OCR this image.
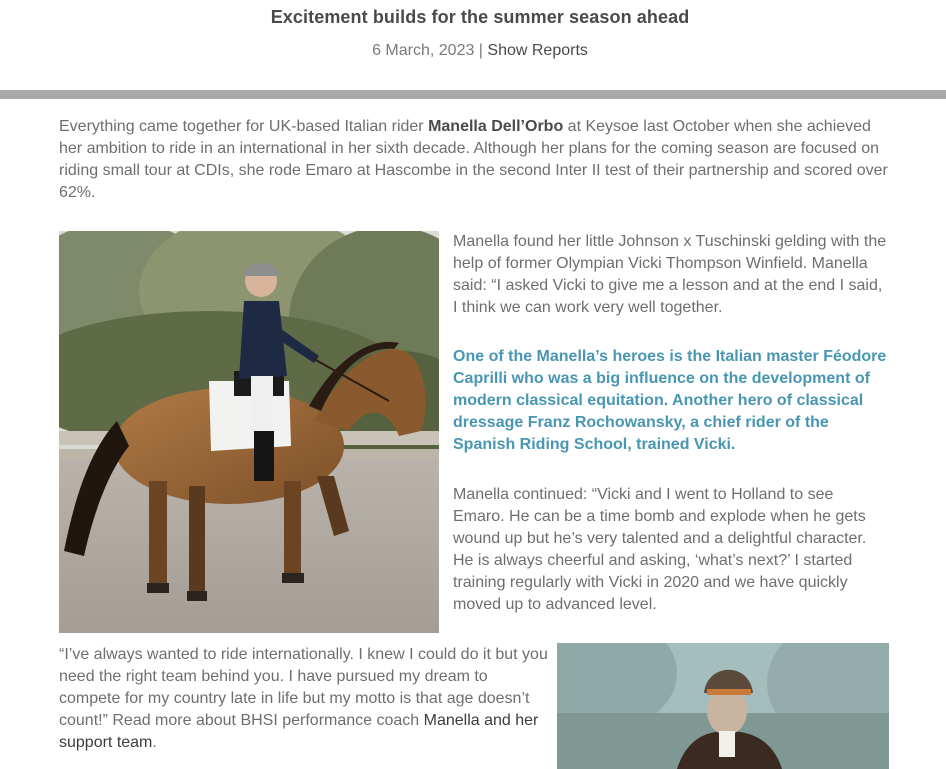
Excitement builds for the summer season ahead
6 March, 2023 | Show Reports

Everything came together for UK-based Italian rider Manella Dell’Orbo at Keysoe last October when she achieved her ambition to ride in an international in her sixth decade. Although her plans for the coming season are focused on riding small tour at CDIs, she rode Emaro at Hascombe in the second Inter II test of their partnership and scored over 62%.

Manella found her little Johnson x Tuschinski gelding with the help of former Olympian Vicki Thompson Winfield. Manella said: “I asked Vicki to give me a lesson and at the end I said, I think we can work very well together.

One of the Manella’s heroes is the Italian master Féodore Caprilli who was a big influence on the development of modern classical equitation. Another hero of classical dressage Franz Rochowansky, a chief rider of the Spanish Riding School, trained Vicki.

Manella continued: “Vicki and I went to Holland to see Emaro. He can be a time bomb and explode when he gets wound up but he’s very talented and a delightful character. He is always cheerful and asking, ‘what’s next?’ I started training regularly with Vicki in 2020 and we have quickly moved up to advanced level.

“I’ve always wanted to ride internationally. I knew I could do it but you need the right team behind you. I have pursued my dream to compete for my country late in life but my motto is that age doesn’t count!” Read more about BHSI performance coach Manella and her support team.
